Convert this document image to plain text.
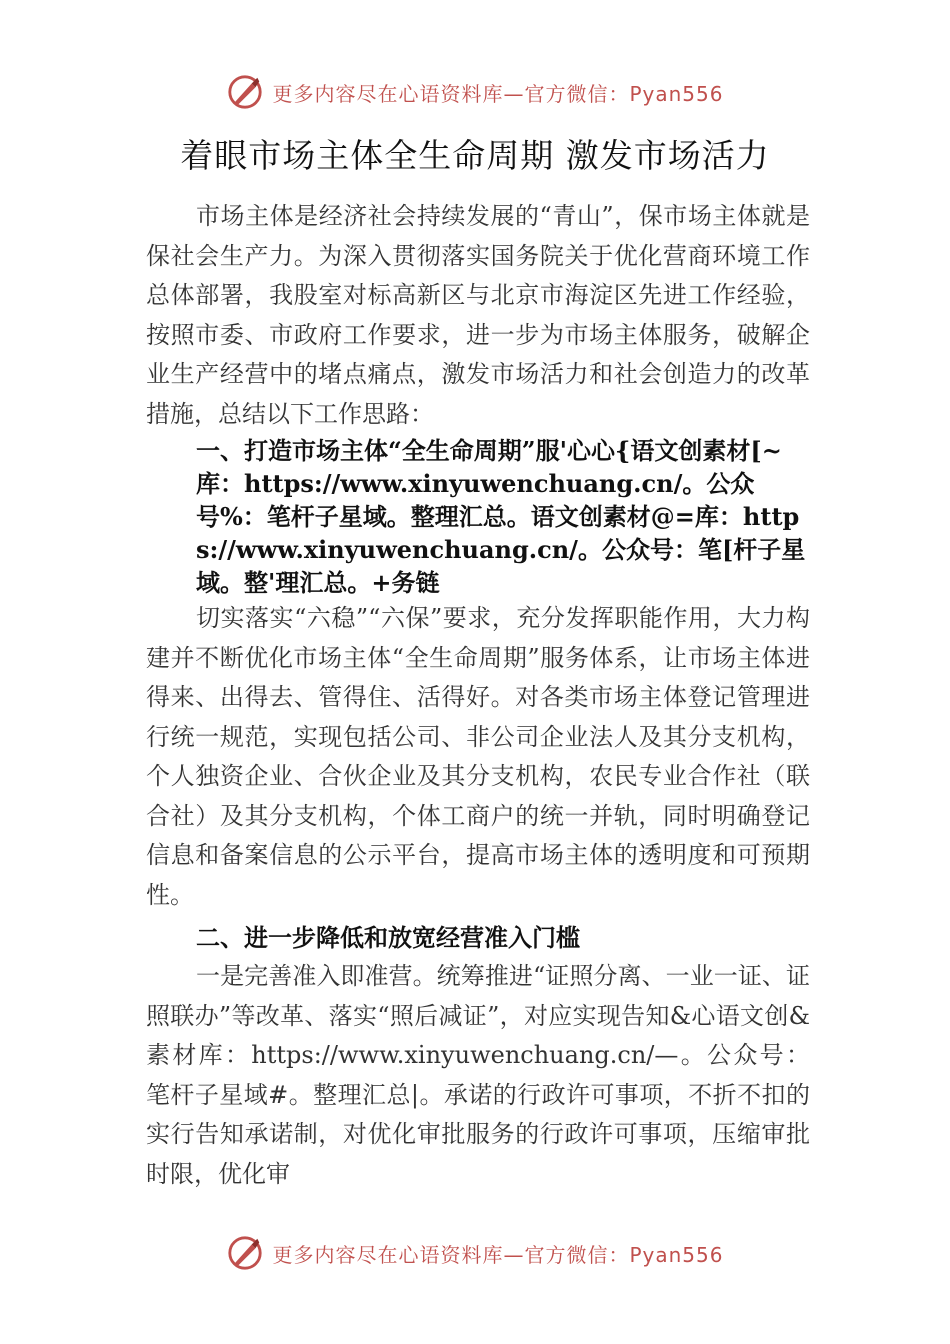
更多内容尽在心语资料库—官方微信：Pyan556
着眼市场主体全生命周期 激发市场活力

市场主体是经济社会持续发展的“青山”，保市场主体就是保社会生产力。为深入贯彻落实国务院关于优化营商环境工作总体部署，我股室对标高新区与北京市海淀区先进工作经验，按照市委、市政府工作要求，进一步为市场主体服务，破解企业生产经营中的堵点痛点，激发市场活力和社会创造力的改革措施，总结以下工作思路：

一、打造市场主体“全生命周期”服'心心{语文创素材[~库：https://www.xinyuwenchuang.cn/。公众号%：笔杆子星域。整理汇总。语文创素材@=库：https://www.xinyuwenchuang.cn/。公众号：笔[杆子星域。整'理汇总。+务链

切实落实“六稳”“六保”要求，充分发挥职能作用，大力构建并不断优化市场主体“全生命周期”服务体系，让市场主体进得来、出得去、管得住、活得好。对各类市场主体登记管理进行统一规范，实现包括公司、非公司企业法人及其分支机构，个人独资企业、合伙企业及其分支机构，农民专业合作社（联合社）及其分支机构，个体工商户的统一并轨，同时明确登记信息和备案信息的公示平台，提高市场主体的透明度和可预期性。

二、进一步降低和放宽经营准入门槛

一是完善准入即准营。统筹推进“证照分离、一业一证、证照联办”等改革、落实“照后减证”，对应实现告知&心语文创&素材库：https://www.xinyuwenchuang.cn/—。公众号：笔杆子星域#。整理汇总|。承诺的行政许可事项，不折不扣的实行告知承诺制，对优化审批服务的行政许可事项，压缩审批时限，优化审

更多内容尽在心语资料库—官方微信：Pyan556
